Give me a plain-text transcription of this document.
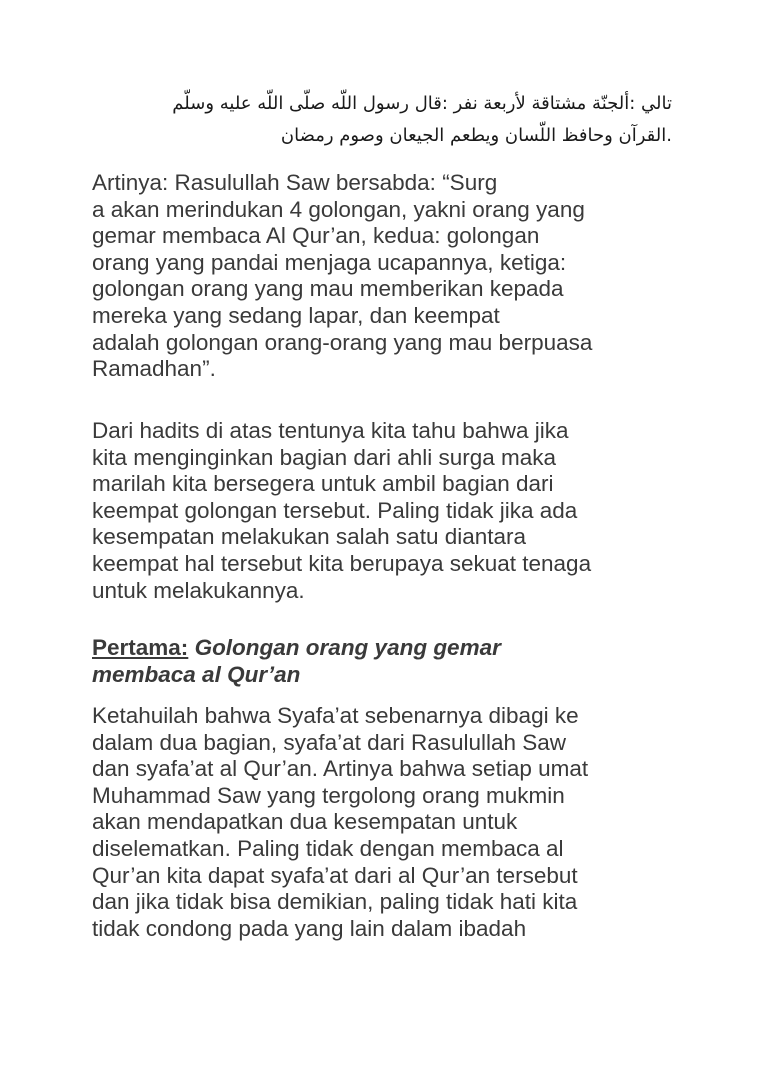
تالي :ألجنّة مشتاقة لأربعة نفر :قال رسول اللّه صلّى اللّه عليه وسلّم
.القرآن وحافظ اللّسان ويطعم الجيعان وصوم رمضان
Artinya: Rasulullah Saw bersabda: “Surg
a akan merindukan 4 golongan, yakni orang yang
gemar membaca Al Qur’an, kedua: golongan
orang yang pandai menjaga ucapannya, ketiga:
golongan orang yang mau memberikan kepada
mereka yang sedang lapar, dan keempat
adalah golongan orang-orang yang mau berpuasa
Ramadhan”.
Dari hadits di atas tentunya kita tahu bahwa jika
kita menginginkan bagian dari ahli surga maka
marilah kita bersegera untuk ambil bagian dari
keempat golongan tersebut. Paling tidak jika ada
kesempatan melakukan salah satu diantara
keempat hal tersebut kita berupaya sekuat tenaga
untuk melakukannya.
Pertama: Golongan orang yang gemar
membaca al Qur’an
Ketahuilah bahwa Syafa’at sebenarnya dibagi ke
dalam dua bagian, syafa’at dari Rasulullah Saw
dan syafa’at al Qur’an. Artinya bahwa setiap umat
Muhammad Saw yang tergolong orang mukmin
akan mendapatkan dua kesempatan untuk
diselematkan. Paling tidak dengan membaca al
Qur’an kita dapat syafa’at dari al Qur’an tersebut
dan jika tidak bisa demikian, paling tidak hati kita
tidak condong pada yang lain dalam ibadah
